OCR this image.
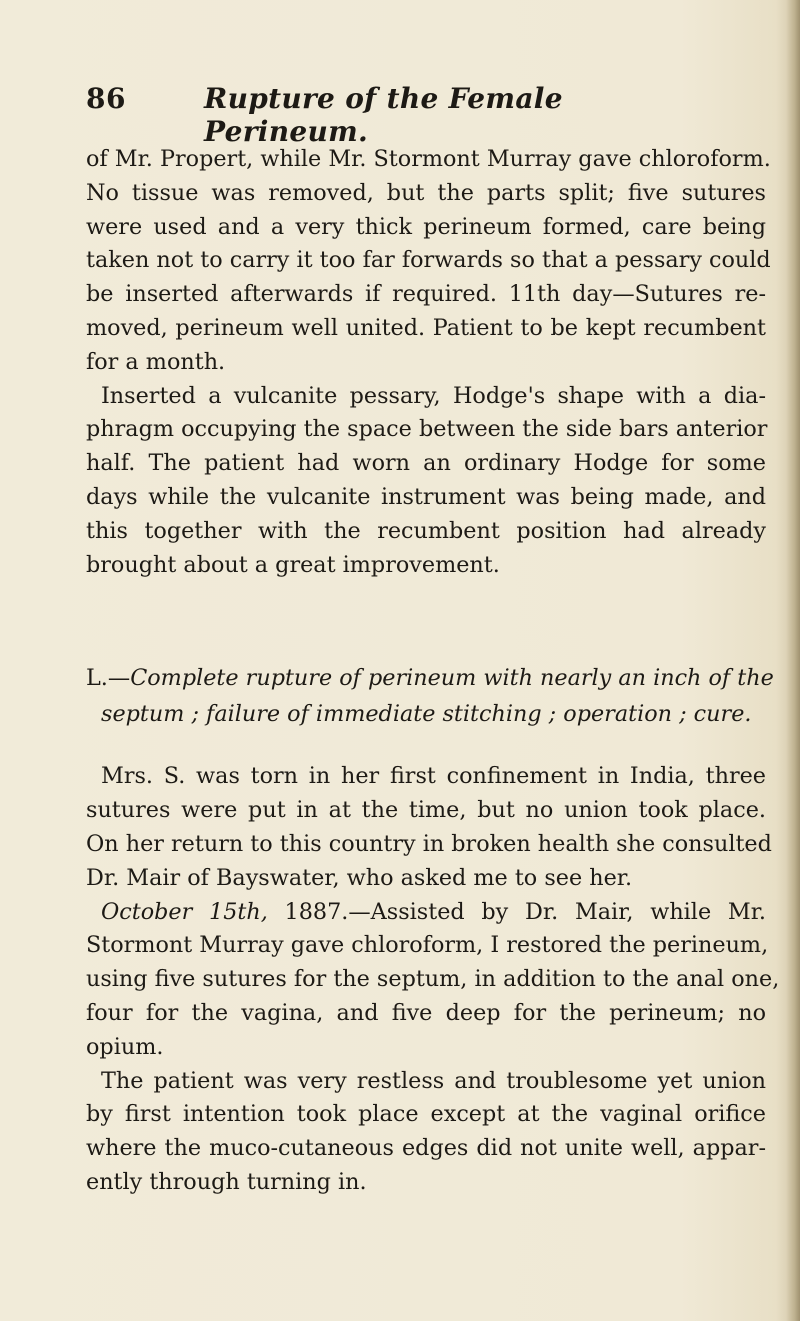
86	Rupture of the Female Perineum.
of Mr. Propert, while Mr. Stormont Murray gave chloroform.
No tissue was removed, but the parts split; five sutures
were used and a very thick perineum formed, care being
taken not to carry it too far forwards so that a pessary could
be inserted afterwards if required. 11th day—Sutures re-
moved, perineum well united. Patient to be kept recumbent
for a month.
Inserted a vulcanite pessary, Hodge's shape with a dia-
phragm occupying the space between the side bars anterior
half. The patient had worn an ordinary Hodge for some
days while the vulcanite instrument was being made, and
this together with the recumbent position had already
brought about a great improvement.
L.—Complete rupture of perineum with nearly an inch of the
septum ; failure of immediate stitching ; operation ; cure.
Mrs. S. was torn in her first confinement in India, three
sutures were put in at the time, but no union took place.
On her return to this country in broken health she consulted
Dr. Mair of Bayswater, who asked me to see her.
October 15th, 1887.—Assisted by Dr. Mair, while Mr.
Stormont Murray gave chloroform, I restored the perineum,
using five sutures for the septum, in addition to the anal one,
four for the vagina, and five deep for the perineum; no
opium.
The patient was very restless and troublesome yet union
by first intention took place except at the vaginal orifice
where the muco-cutaneous edges did not unite well, appar-
ently through turning in.
